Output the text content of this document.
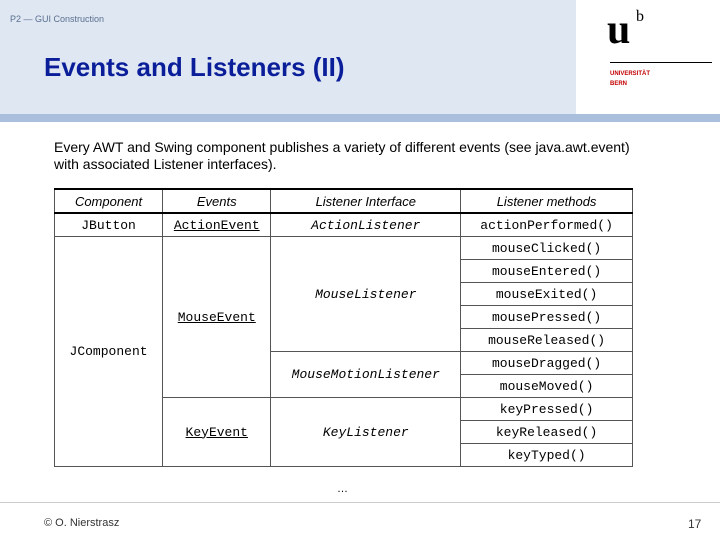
P2 — GUI Construction
Events and Listeners (II)
u b
UNIVERSITÄT
BERN
Every AWT and Swing component publishes a variety of different events (see java.awt.event) with associated Listener interfaces).
Component	Events	Listener Interface	Listener methods
JButton	ActionEvent	ActionListener	actionPerformed()
JComponent	MouseEvent	MouseListener	mouseClicked()
			mouseEntered()
			mouseExited()
			mousePressed()
			mouseReleased()
		MouseMotionListener	mouseDragged()
			mouseMoved()
	KeyEvent	KeyListener	keyPressed()
			keyReleased()
			keyTyped()
…
© O. Nierstrasz	17
